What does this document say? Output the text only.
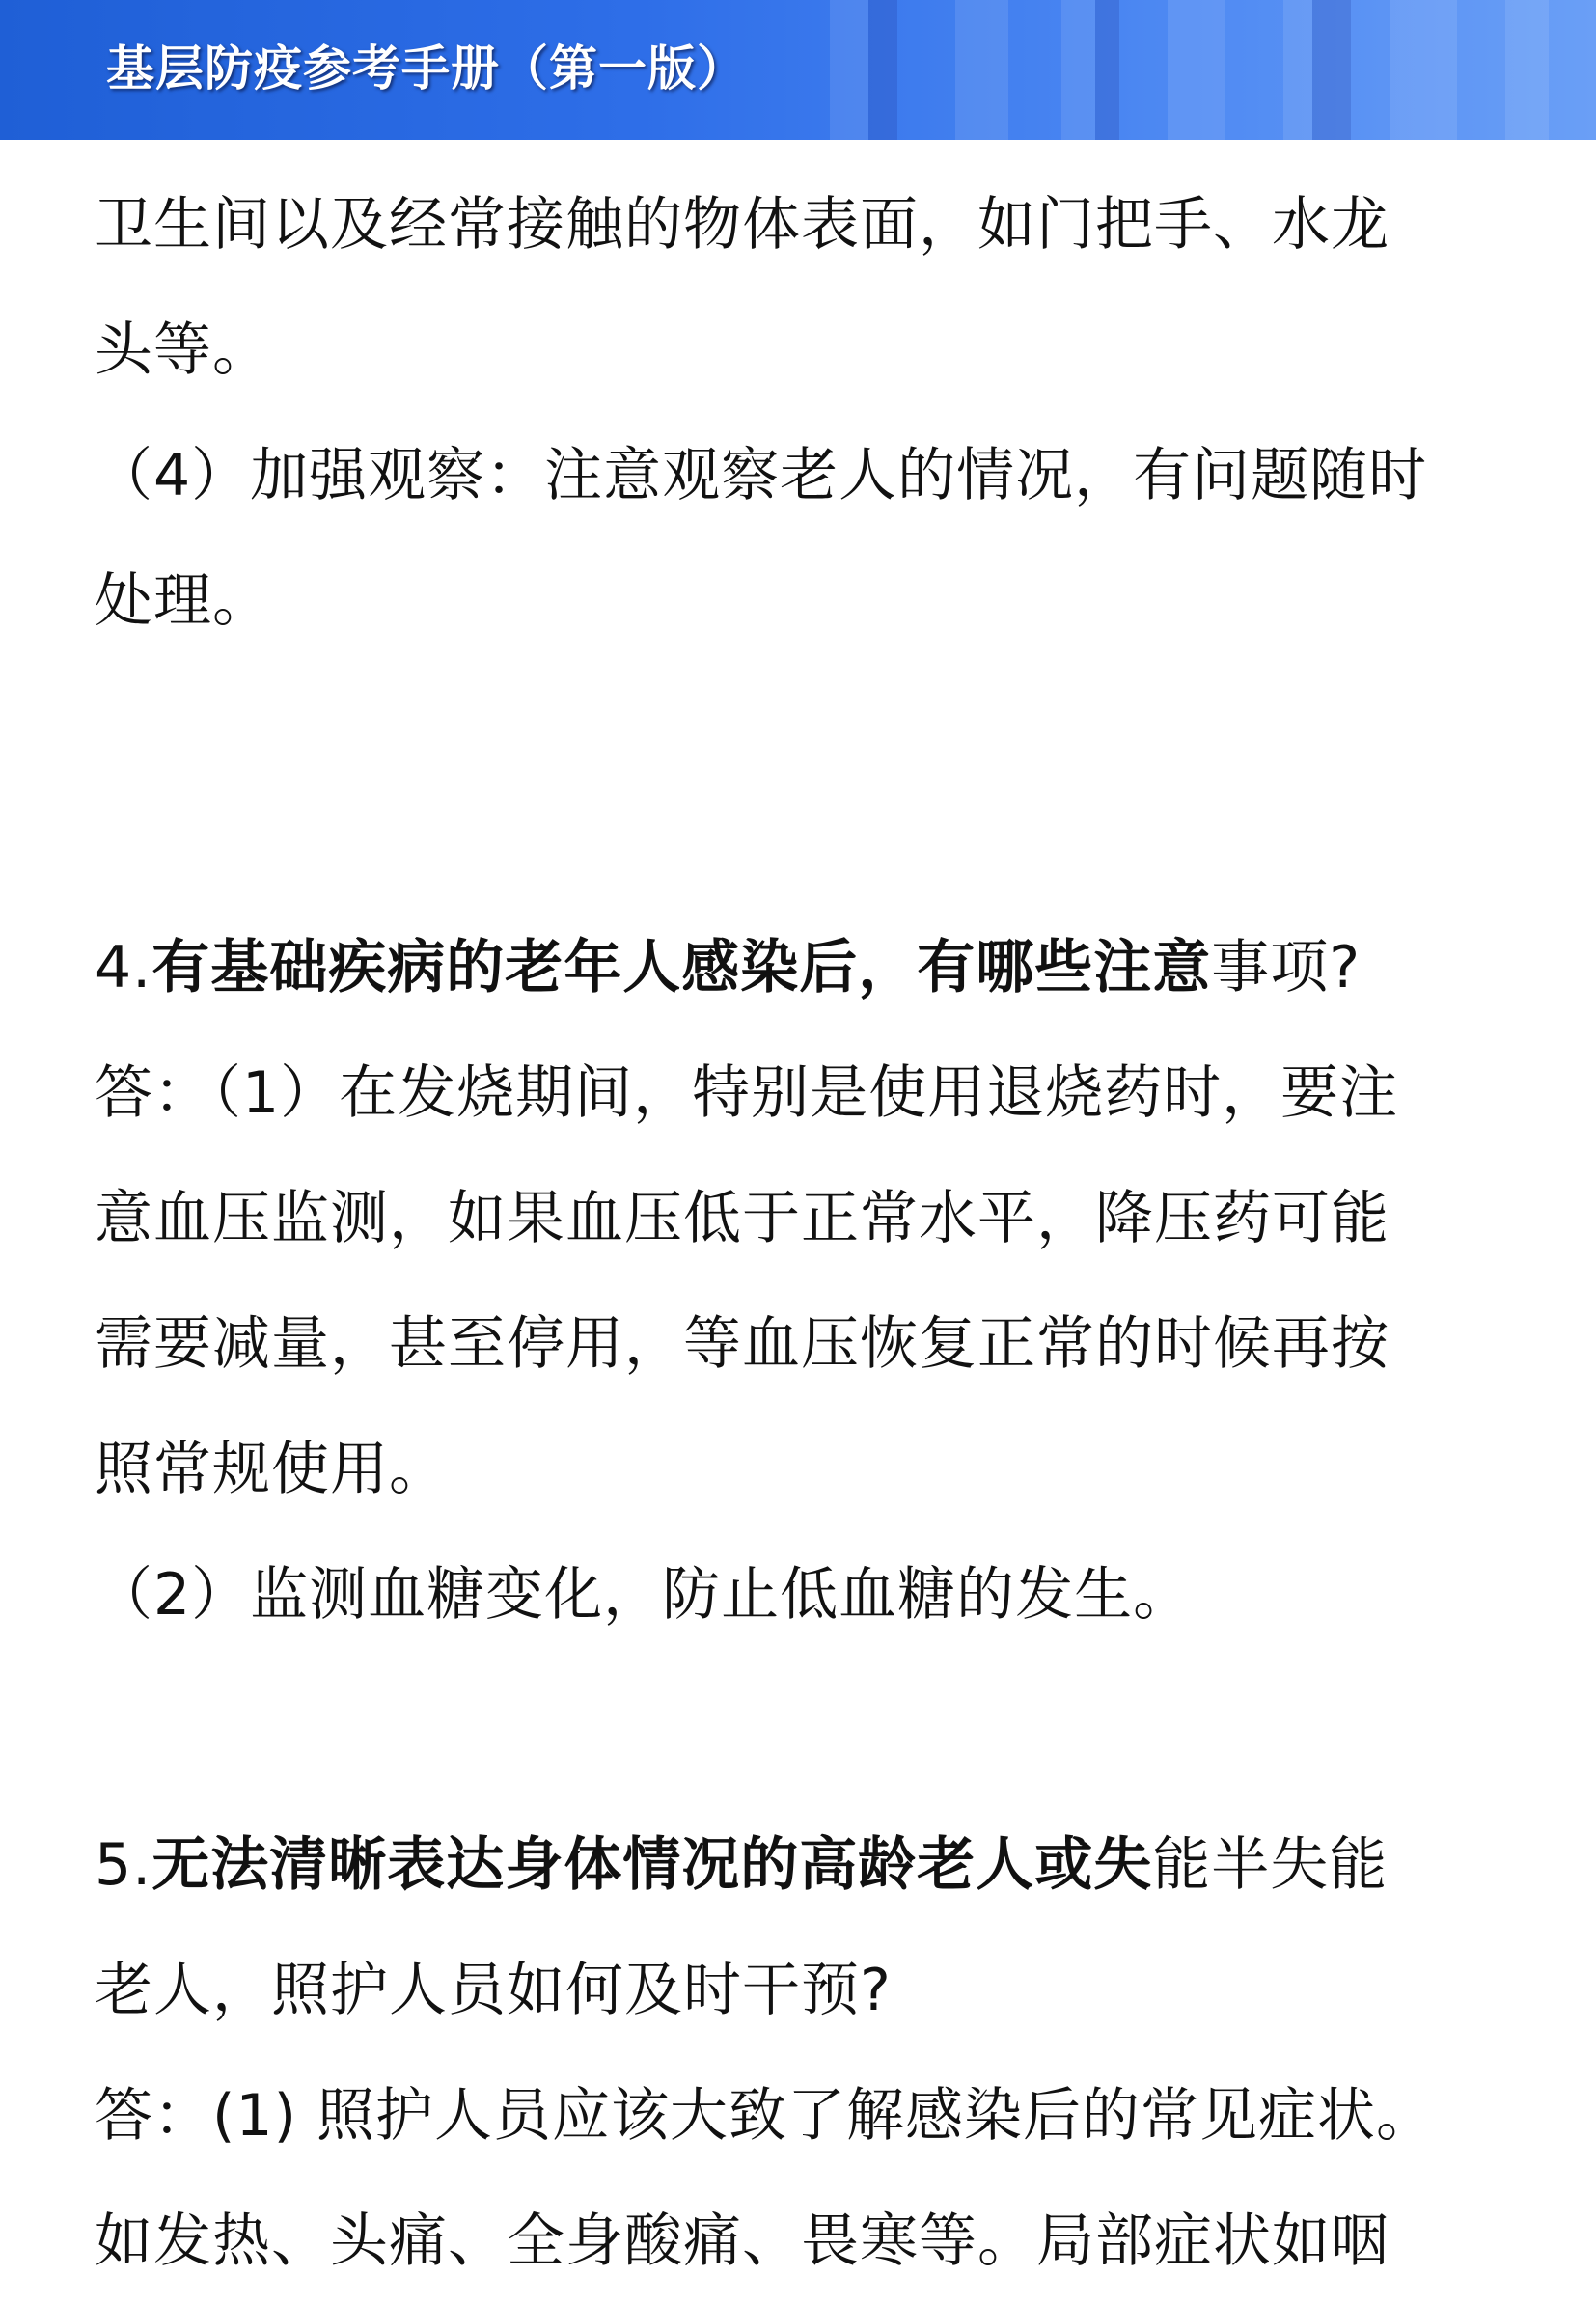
基层防疫参考手册（第一版）
卫生间以及经常接触的物体表面，如门把手、水龙
头等。
（4）加强观察：注意观察老人的情况，有问题随时
处理。
4.有基础疾病的老年人感染后，有哪些注意事项?
答：（1）在发烧期间，特别是使用退烧药时，要注
意血压监测，如果血压低于正常水平，降压药可能
需要减量，甚至停用，等血压恢复正常的时候再按
照常规使用。
（2）监测血糖变化，防止低血糖的发生。
5.无法清晰表达身体情况的高龄老人或失能半失能
老人，照护人员如何及时干预?
答：(1) 照护人员应该大致了解感染后的常见症状。
如发热、头痛、全身酸痛、畏寒等。局部症状如咽
